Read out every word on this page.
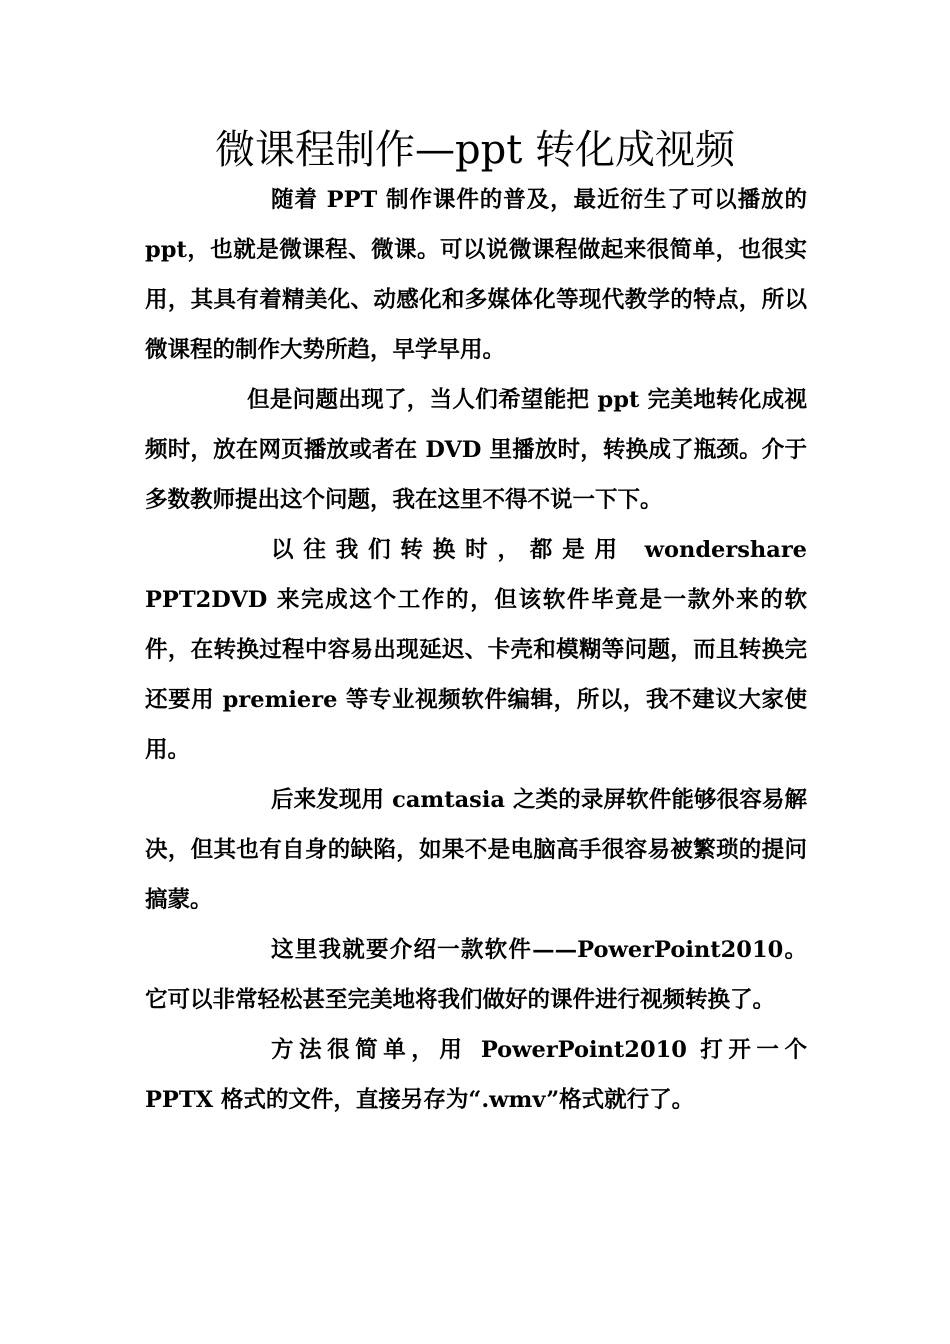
微课程制作—ppt 转化成视频

随着 PPT 制作课件的普及，最近衍生了可以播放的 ppt，也就是微课程、微课。可以说微课程做起来很简单，也很实用，其具有着精美化、动感化和多媒体化等现代教学的特点，所以微课程的制作大势所趋，早学早用。

但是问题出现了，当人们希望能把 ppt 完美地转化成视频时，放在网页播放或者在 DVD 里播放时，转换成了瓶颈。介于多数教师提出这个问题，我在这里不得不说一下下。

以往我们转换时，都是用 wondershare　PPT2DVD 来完成这个工作的，但该软件毕竟是一款外来的软件，在转换过程中容易出现延迟、卡壳和模糊等问题，而且转换完还要用 premiere 等专业视频软件编辑，所以，我不建议大家使用。

后来发现用 camtasia 之类的录屏软件能够很容易解决，但其也有自身的缺陷，如果不是电脑高手很容易被繁琐的提问搞蒙。

这里我就要介绍一款软件——PowerPoint2010。它可以非常轻松甚至完美地将我们做好的课件进行视频转换了。

方法很简单，用 PowerPoint2010 打开一个 PPTX 格式的文件，直接另存为“.wmv”格式就行了。
